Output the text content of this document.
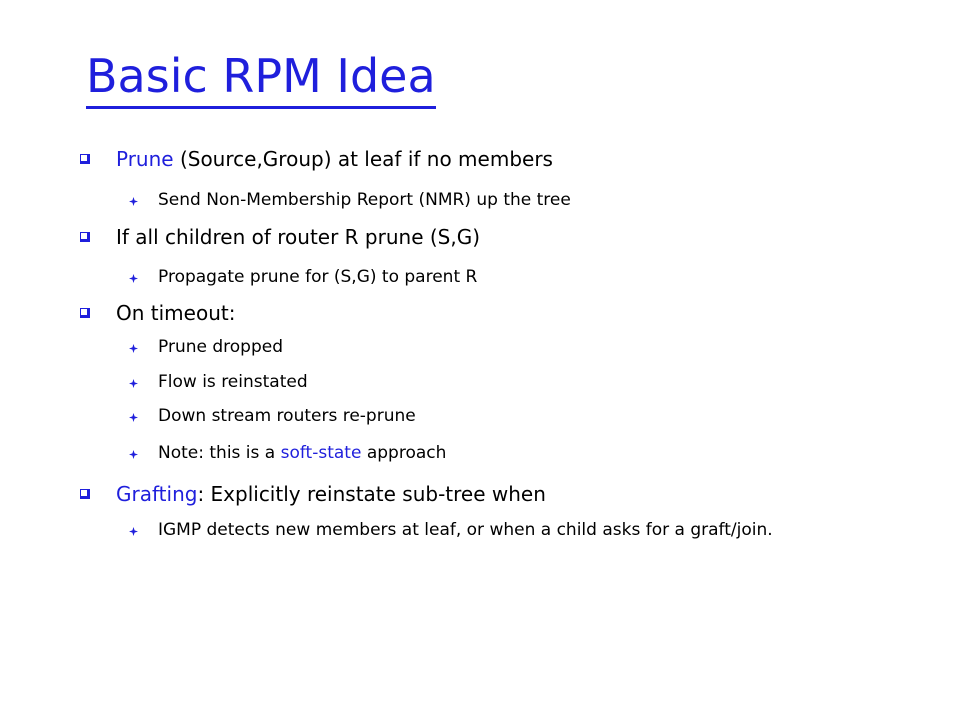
Basic RPM Idea
Prune (Source,Group) at leaf if no members
Send Non-Membership Report (NMR) up the tree
If all children of router R prune (S,G)
Propagate prune for (S,G) to parent R
On timeout:
Prune dropped
Flow is reinstated
Down stream routers re-prune
Note: this is a soft-state approach
Grafting: Explicitly reinstate sub-tree when
IGMP detects new members at leaf, or when a child asks for a graft/join.
